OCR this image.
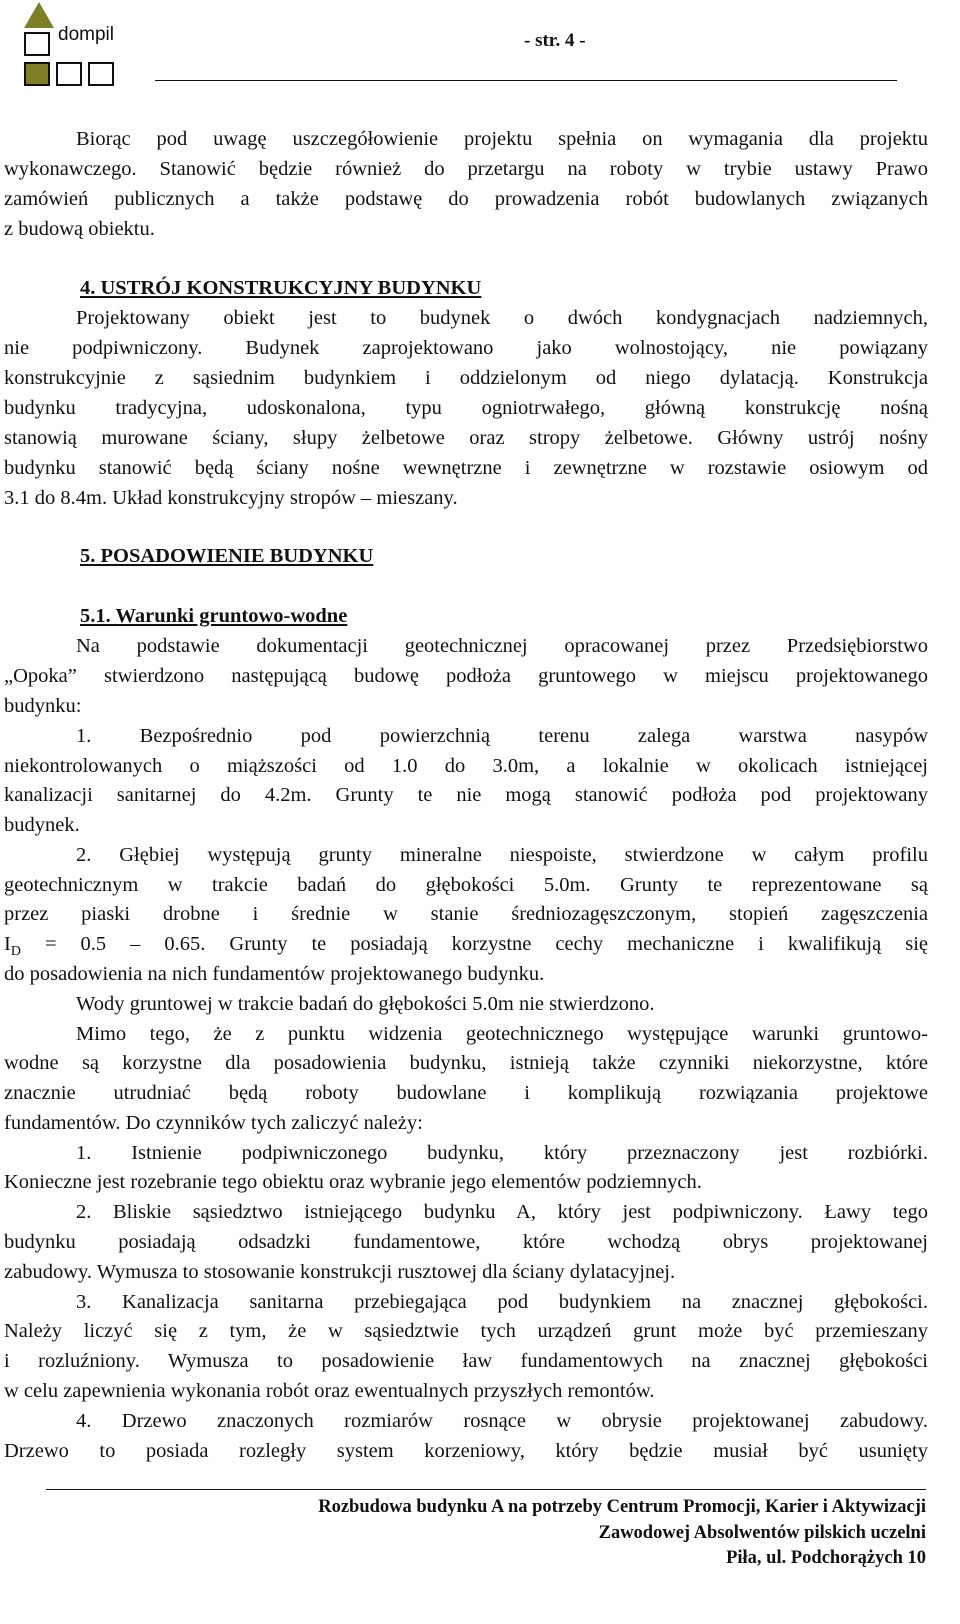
dompil	- str. 4 -
Biorąc pod uwagę uszczegółowienie projektu spełnia on wymagania dla projektu
wykonawczego. Stanowić będzie również do przetargu na roboty w trybie ustawy Prawo
zamówień publicznych a także podstawę do prowadzenia robót budowlanych związanych
z budową obiektu.
4. USTRÓJ KONSTRUKCYJNY BUDYNKU
Projektowany obiekt jest to budynek o dwóch kondygnacjach nadziemnych,
nie podpiwniczony. Budynek zaprojektowano jako wolnostojący, nie powiązany
konstrukcyjnie z sąsiednim budynkiem i oddzielonym od niego dylatacją. Konstrukcja
budynku tradycyjna, udoskonalona, typu ogniotrwałego, główną konstrukcję nośną
stanowią murowane ściany, słupy żelbetowe oraz stropy żelbetowe. Główny ustrój nośny
budynku stanowić będą ściany nośne wewnętrzne i zewnętrzne w rozstawie osiowym od
3.1 do 8.4m. Układ konstrukcyjny stropów – mieszany.
5. POSADOWIENIE BUDYNKU
5.1. Warunki gruntowo-wodne
Na podstawie dokumentacji geotechnicznej opracowanej przez Przedsiębiorstwo
„Opoka” stwierdzono następującą budowę podłoża gruntowego w miejscu projektowanego
budynku:
1. Bezpośrednio pod powierzchnią terenu zalega warstwa nasypów
niekontrolowanych o miąższości od 1.0 do 3.0m, a lokalnie w okolicach istniejącej
kanalizacji sanitarnej do 4.2m. Grunty te nie mogą stanowić podłoża pod projektowany
budynek.
2. Głębiej występują grunty mineralne niespoiste, stwierdzone w całym profilu
geotechnicznym w trakcie badań do głębokości 5.0m. Grunty te reprezentowane są
przez piaski drobne i średnie w stanie średniozagęszczonym, stopień zagęszczenia
$I_D = 0.5 - 0.65$. Grunty te posiadają korzystne cechy mechaniczne i kwalifikują się
do posadowienia na nich fundamentów projektowanego budynku.
Wody gruntowej w trakcie badań do głębokości 5.0m nie stwierdzono.
Mimo tego, że z punktu widzenia geotechnicznego występujące warunki gruntowo-
wodne są korzystne dla posadowienia budynku, istnieją także czynniki niekorzystne, które
znacznie utrudniać będą roboty budowlane i komplikują rozwiązania projektowe
fundamentów. Do czynników tych zaliczyć należy:
1. Istnienie podpiwniczonego budynku, który przeznaczony jest rozbiórki.
Konieczne jest rozebranie tego obiektu oraz wybranie jego elementów podziemnych.
2. Bliskie sąsiedztwo istniejącego budynku A, który jest podpiwniczony. Ławy tego
budynku posiadają odsadzki fundamentowe, które wchodzą obrys projektowanej
zabudowy. Wymusza to stosowanie konstrukcji rusztowej dla ściany dylatacyjnej.
3. Kanalizacja sanitarna przebiegająca pod budynkiem na znacznej głębokości.
Należy liczyć się z tym, że w sąsiedztwie tych urządzeń grunt może być przemieszany
i rozluźniony. Wymusza to posadowienie ław fundamentowych na znacznej głębokości
w celu zapewnienia wykonania robót oraz ewentualnych przyszłych remontów.
4. Drzewo znaczonych rozmiarów rosnące w obrysie projektowanej zabudowy.
Drzewo to posiada rozległy system korzeniowy, który będzie musiał być usunięty
Rozbudowa budynku A na potrzeby Centrum Promocji, Karier i Aktywizacji
Zawodowej Absolwentów pilskich uczelni
Piła, ul. Podchorążych 10
